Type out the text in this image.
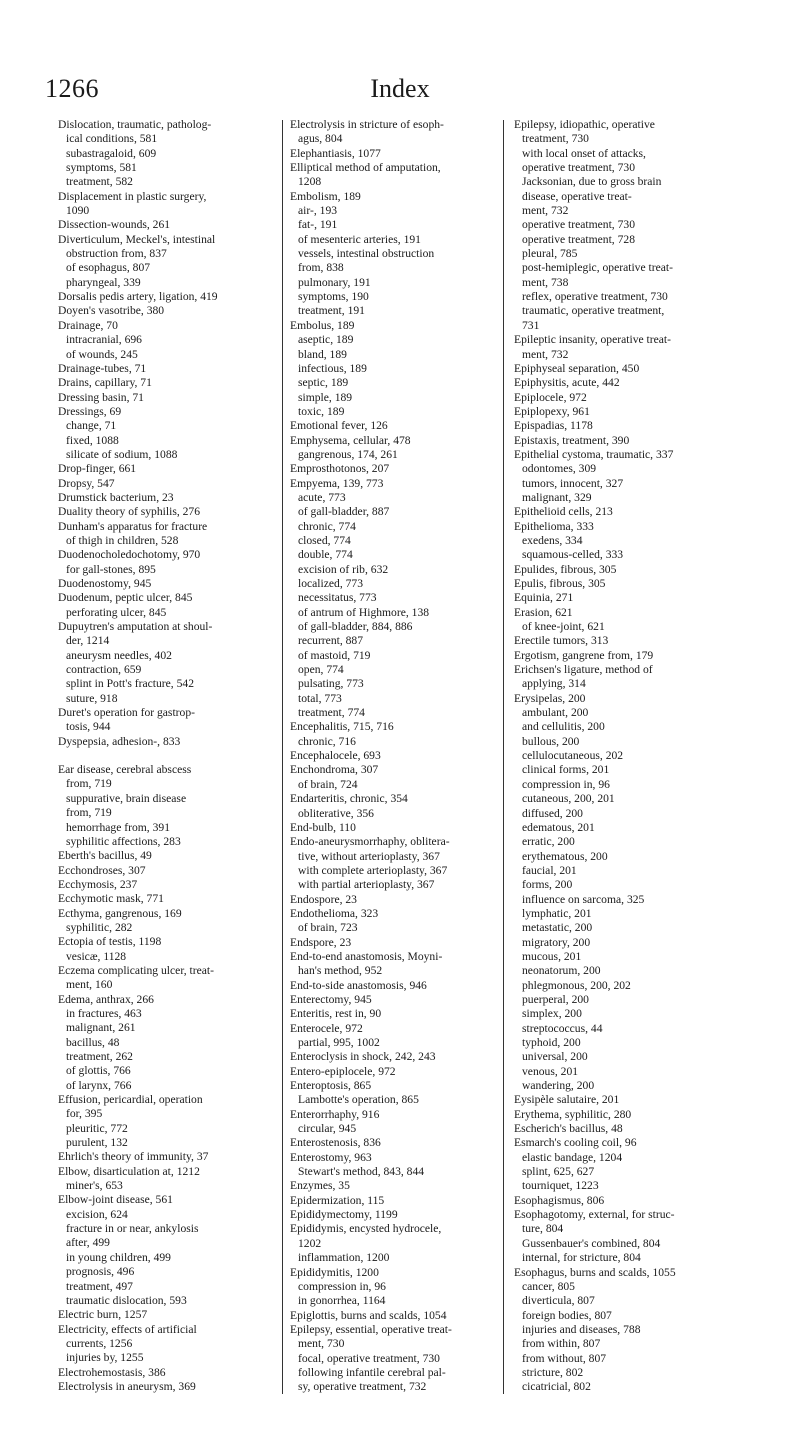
1266	Index
Dislocation, traumatic, patholog-
ical conditions, 581
subastragaloid, 609
symptoms, 581
treatment, 582
Displacement in plastic surgery,
1090
Dissection-wounds, 261
Diverticulum, Meckel's, intestinal
obstruction from, 837
of esophagus, 807
pharyngeal, 339
Dorsalis pedis artery, ligation, 419
Doyen's vasotribe, 380
Drainage, 70
intracranial, 696
of wounds, 245
Drainage-tubes, 71
Drains, capillary, 71
Dressing basin, 71
Dressings, 69
change, 71
fixed, 1088
silicate of sodium, 1088
Drop-finger, 661
Dropsy, 547
Drumstick bacterium, 23
Duality theory of syphilis, 276
Dunham's apparatus for fracture
of thigh in children, 528
Duodenocholedochotomy, 970
for gall-stones, 895
Duodenostomy, 945
Duodenum, peptic ulcer, 845
perforating ulcer, 845
Dupuytren's amputation at shoul-
der, 1214
aneurysm needles, 402
contraction, 659
splint in Pott's fracture, 542
suture, 918
Duret's operation for gastrop-
tosis, 944
Dyspepsia, adhesion-, 833
Ear disease, cerebral abscess
from, 719
suppurative, brain disease
from, 719
hemorrhage from, 391
syphilitic affections, 283
Eberth's bacillus, 49
Ecchondroses, 307
Ecchymosis, 237
Ecchymotic mask, 771
Ecthyma, gangrenous, 169
syphilitic, 282
Ectopia of testis, 1198
vesicæ, 1128
Eczema complicating ulcer, treat-
ment, 160
Edema, anthrax, 266
in fractures, 463
malignant, 261
bacillus, 48
treatment, 262
of glottis, 766
of larynx, 766
Effusion, pericardial, operation
for, 395
pleuritic, 772
purulent, 132
Ehrlich's theory of immunity, 37
Elbow, disarticulation at, 1212
miner's, 653
Elbow-joint disease, 561
excision, 624
fracture in or near, ankylosis
after, 499
in young children, 499
prognosis, 496
treatment, 497
traumatic dislocation, 593
Electric burn, 1257
Electricity, effects of artificial
currents, 1256
injuries by, 1255
Electrohemostasis, 386
Electrolysis in aneurysm, 369
Electrolysis in stricture of esoph-
agus, 804
Elephantiasis, 1077
Elliptical method of amputation,
1208
Embolism, 189
air-, 193
fat-, 191
of mesenteric arteries, 191
vessels, intestinal obstruction
from, 838
pulmonary, 191
symptoms, 190
treatment, 191
Embolus, 189
aseptic, 189
bland, 189
infectious, 189
septic, 189
simple, 189
toxic, 189
Emotional fever, 126
Emphysema, cellular, 478
gangrenous, 174, 261
Emprosthotonos, 207
Empyema, 139, 773
acute, 773
of gall-bladder, 887
chronic, 774
closed, 774
double, 774
excision of rib, 632
localized, 773
necessitatus, 773
of antrum of Highmore, 138
of gall-bladder, 884, 886
recurrent, 887
of mastoid, 719
open, 774
pulsating, 773
total, 773
treatment, 774
Encephalitis, 715, 716
chronic, 716
Encephalocele, 693
Enchondroma, 307
of brain, 724
Endarteritis, chronic, 354
obliterative, 356
End-bulb, 110
Endo-aneurysmorrhaphy, oblitera-
tive, without arterioplasty, 367
with complete arterioplasty, 367
with partial arterioplasty, 367
Endospore, 23
Endothelioma, 323
of brain, 723
Endspore, 23
End-to-end anastomosis, Moyni-
han's method, 952
End-to-side anastomosis, 946
Enterectomy, 945
Enteritis, rest in, 90
Enterocele, 972
partial, 995, 1002
Enteroclysis in shock, 242, 243
Entero-epiplocele, 972
Enteroptosis, 865
Lambotte's operation, 865
Enterorrhaphy, 916
circular, 945
Enterostenosis, 836
Enterostomy, 963
Stewart's method, 843, 844
Enzymes, 35
Epidermization, 115
Epididymectomy, 1199
Epididymis, encysted hydrocele,
1202
inflammation, 1200
Epididymitis, 1200
compression in, 96
in gonorrhea, 1164
Epiglottis, burns and scalds, 1054
Epilepsy, essential, operative treat-
ment, 730
focal, operative treatment, 730
following infantile cerebral pal-
sy, operative treatment, 732
Epilepsy, idiopathic, operative
treatment, 730
with local onset of attacks,
operative treatment, 730
Jacksonian, due to gross brain
disease, operative treat-
ment, 732
operative treatment, 730
operative treatment, 728
pleural, 785
post-hemiplegic, operative treat-
ment, 738
reflex, operative treatment, 730
traumatic, operative treatment,
731
Epileptic insanity, operative treat-
ment, 732
Epiphyseal separation, 450
Epiphysitis, acute, 442
Epiplocele, 972
Epiplopexy, 961
Epispadias, 1178
Epistaxis, treatment, 390
Epithelial cystoma, traumatic, 337
odontomes, 309
tumors, innocent, 327
malignant, 329
Epithelioid cells, 213
Epithelioma, 333
exedens, 334
squamous-celled, 333
Epulides, fibrous, 305
Epulis, fibrous, 305
Equinia, 271
Erasion, 621
of knee-joint, 621
Erectile tumors, 313
Ergotism, gangrene from, 179
Erichsen's ligature, method of
applying, 314
Erysipelas, 200
ambulant, 200
and cellulitis, 200
bullous, 200
cellulocutaneous, 202
clinical forms, 201
compression in, 96
cutaneous, 200, 201
diffused, 200
edematous, 201
erratic, 200
erythematous, 200
faucial, 201
forms, 200
influence on sarcoma, 325
lymphatic, 201
metastatic, 200
migratory, 200
mucous, 201
neonatorum, 200
phlegmonous, 200, 202
puerperal, 200
simplex, 200
streptococcus, 44
typhoid, 200
universal, 200
venous, 201
wandering, 200
Eysipèle salutaire, 201
Erythema, syphilitic, 280
Escherich's bacillus, 48
Esmarch's cooling coil, 96
elastic bandage, 1204
splint, 625, 627
tourniquet, 1223
Esophagismus, 806
Esophagotomy, external, for struc-
ture, 804
Gussenbauer's combined, 804
internal, for stricture, 804
Esophagus, burns and scalds, 1055
cancer, 805
diverticula, 807
foreign bodies, 807
injuries and diseases, 788
from within, 807
from without, 807
stricture, 802
cicatricial, 802
